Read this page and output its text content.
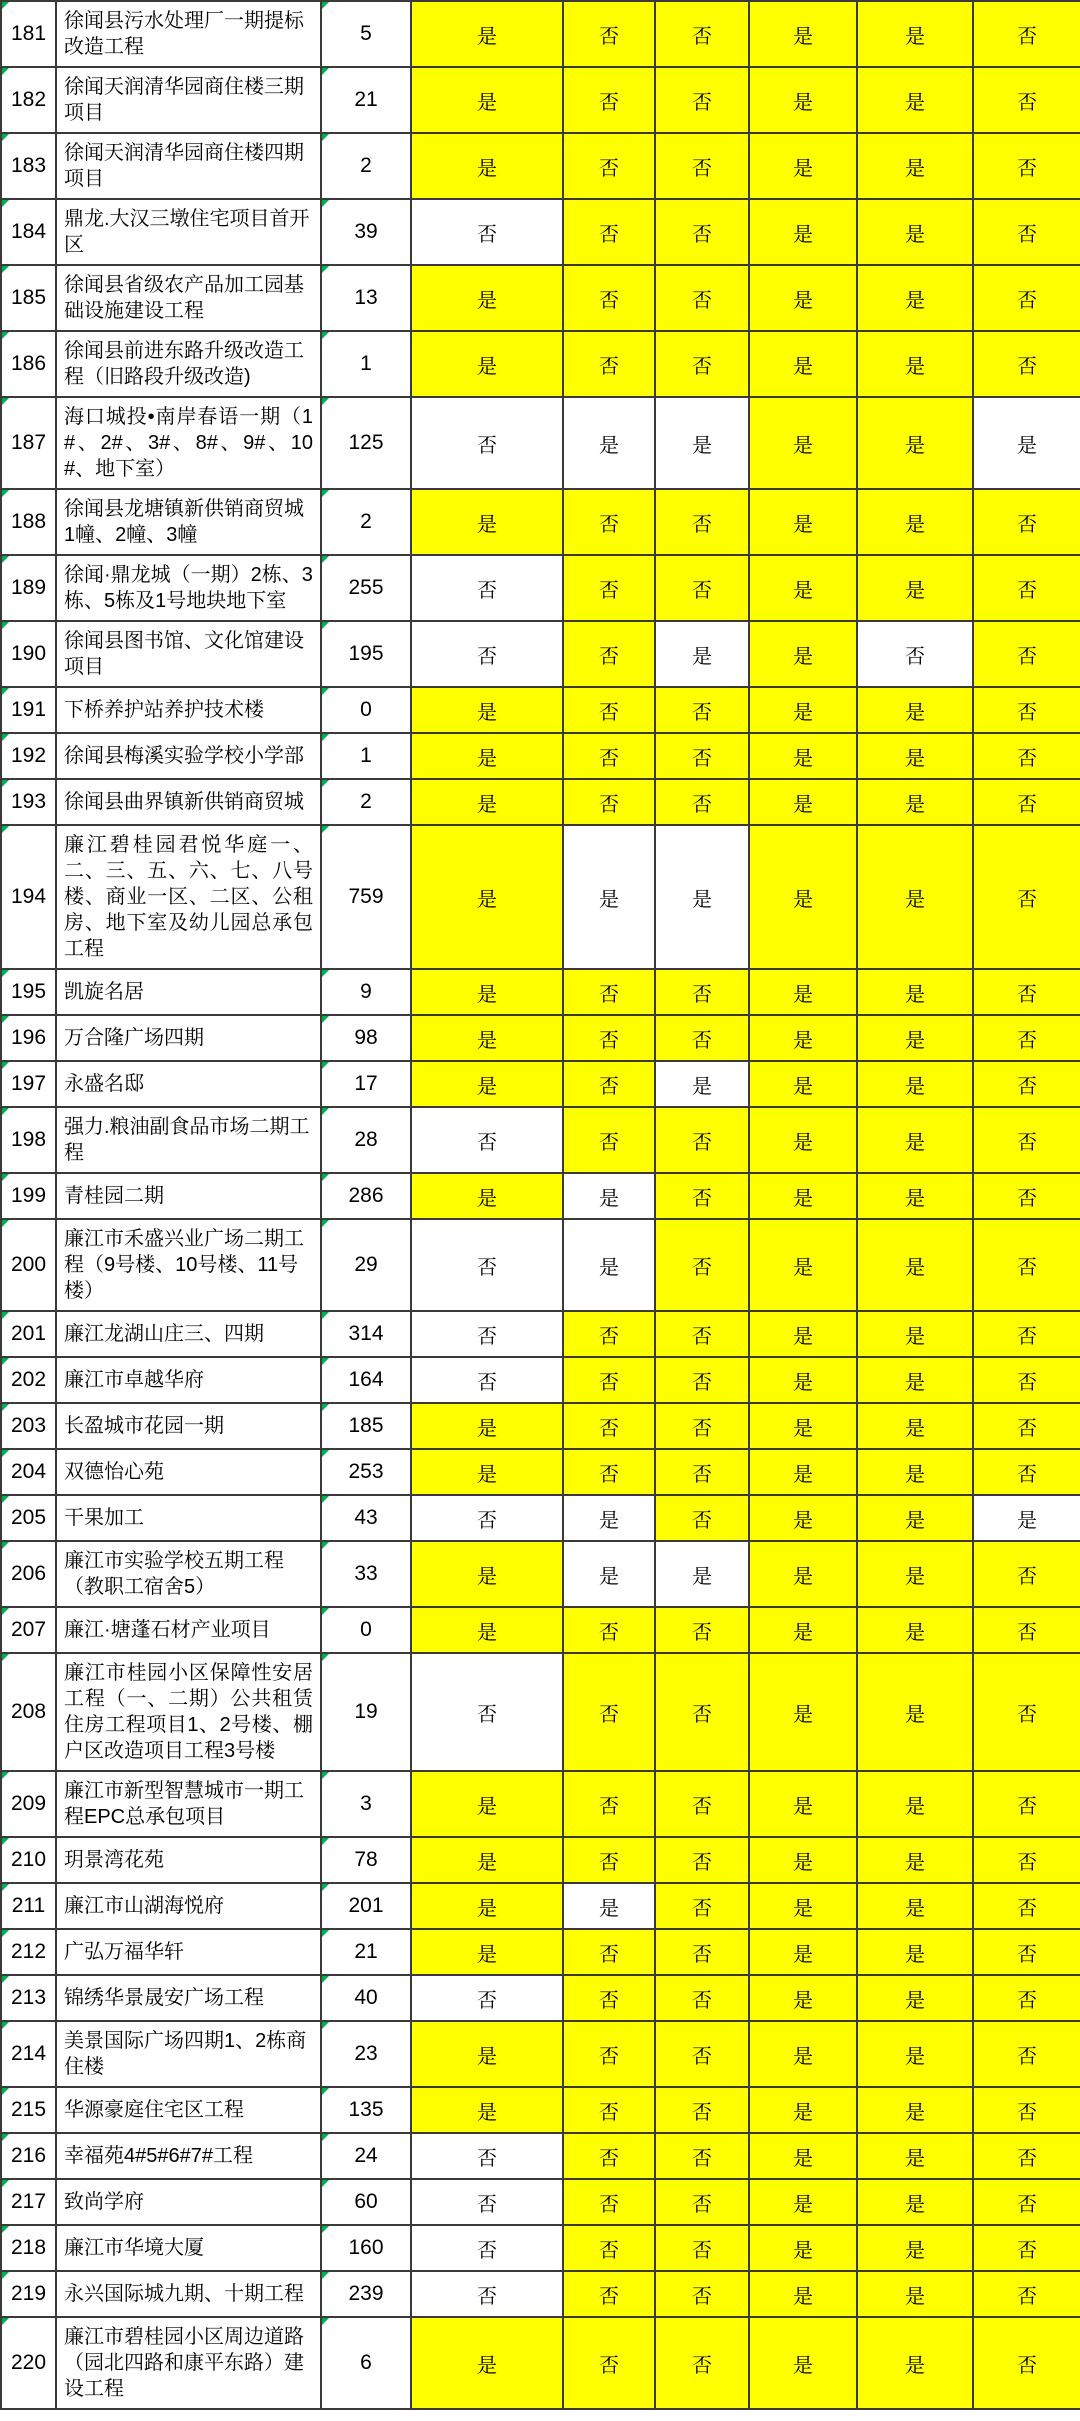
181	徐闻县污水处理厂一期提标改造工程	5	是	否	否	是	是	否

182	徐闻天润清华园商住楼三期项目	21	是	否	否	是	是	否

183	徐闻天润清华园商住楼四期项目	2	是	否	否	是	是	否

184	鼎龙.大汉三墩住宅项目首开区	39	否	否	否	是	是	否

185	徐闻县省级农产品加工园基础设施建设工程	13	是	否	否	是	是	否

186	徐闻县前进东路升级改造工程（旧路段升级改造)	1	是	否	否	是	是	否

187	海口城投•南岸春语一期（1#、2#、3#、8#、9#、10#、地下室）	125	否	是	是	是	是	是

188	徐闻县龙塘镇新供销商贸城1幢、2幢、3幢	2	是	否	否	是	是	否

189	徐闻·鼎龙城（一期）2栋、3栋、5栋及1号地块地下室	255	否	否	否	是	是	否

190	徐闻县图书馆、文化馆建设项目	195	否	否	是	是	否	否

191	下桥养护站养护技术楼	0	是	否	否	是	是	否

192	徐闻县梅溪实验学校小学部	1	是	否	否	是	是	否

193	徐闻县曲界镇新供销商贸城	2	是	否	否	是	是	否

194	廉江碧桂园君悦华庭一、二、三、五、六、七、八号楼、商业一区、二区、公租房、地下室及幼儿园总承包工程	759	是	是	是	是	是	否

195	凯旋名居	9	是	否	否	是	是	否

196	万合隆广场四期	98	是	否	否	是	是	否

197	永盛名邸	17	是	否	是	是	是	否

198	强力.粮油副食品市场二期工程	28	否	否	否	是	是	否

199	青桂园二期	286	是	是	否	是	是	否

200	廉江市禾盛兴业广场二期工程（9号楼、10号楼、11号楼）	29	否	是	否	是	是	否

201	廉江龙湖山庄三、四期	314	否	否	否	是	是	否

202	廉江市卓越华府	164	否	否	否	是	是	否

203	长盈城市花园一期	185	是	否	否	是	是	否

204	双德怡心苑	253	是	否	否	是	是	否

205	干果加工	43	否	是	否	是	是	是

206	廉江市实验学校五期工程（教职工宿舍5）	33	是	是	是	是	是	否

207	廉江·塘蓬石材产业项目	0	是	否	否	是	是	否

208	廉江市桂园小区保障性安居工程（一、二期）公共租赁住房工程项目1、2号楼、棚户区改造项目工程3号楼	19	否	否	否	是	是	否

209	廉江市新型智慧城市一期工程EPC总承包项目	3	是	否	否	是	是	否

210	玥景湾花苑	78	是	否	否	是	是	否

211	廉江市山湖海悦府	201	是	是	否	是	是	否

212	广弘万福华轩	21	是	否	否	是	是	否

213	锦绣华景晟安广场工程	40	否	否	否	是	是	否

214	美景国际广场四期1、2栋商住楼	23	是	否	否	是	是	否

215	华源豪庭住宅区工程	135	是	否	否	是	是	否

216	幸福苑4#5#6#7#工程	24	否	否	否	是	是	否

217	致尚学府	60	否	否	否	是	是	否

218	廉江市华境大厦	160	否	否	否	是	是	否

219	永兴国际城九期、十期工程	239	否	否	否	是	是	否

220	廉江市碧桂园小区周边道路（园北四路和康平东路）建设工程	6	是	否	否	是	是	否
